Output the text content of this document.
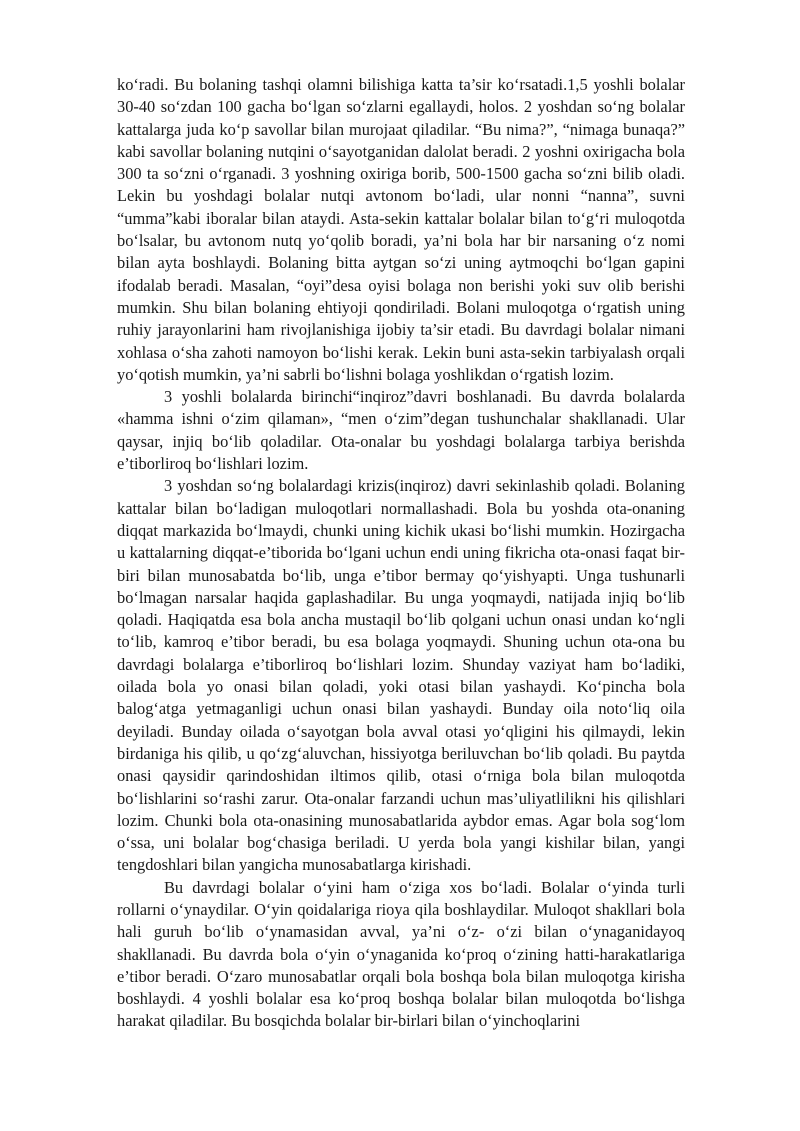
ko‘radi. Bu bolaning tashqi olamni bilishiga katta ta’sir ko‘rsatadi.1,5 yoshli bolalar 30-40 so‘zdan 100 gacha bo‘lgan so‘zlarni egallaydi, holos. 2 yoshdan so‘ng bolalar kattalarga juda ko‘p savollar bilan murojaat qiladilar. “Bu nima?”, “nimaga bunaqa?” kabi savollar bolaning nutqini o‘sayotganidan dalolat beradi. 2 yoshni oxirigacha bola 300 ta so‘zni o‘rganadi. 3 yoshning oxiriga borib, 500-1500 gacha so‘zni bilib oladi. Lekin bu yoshdagi bolalar nutqi avtonom bo‘ladi, ular nonni “nanna”, suvni “umma”kabi iboralar bilan ataydi. Asta-sekin kattalar bolalar bilan to‘g‘ri muloqotda bo‘lsalar, bu avtonom nutq yo‘qolib boradi, ya’ni bola har bir narsaning o‘z nomi bilan ayta boshlaydi. Bolaning bitta aytgan so‘zi uning aytmoqchi bo‘lgan gapini ifodalab beradi. Masalan, “oyi”desa oyisi bolaga non berishi yoki suv olib berishi mumkin. Shu bilan bolaning ehtiyoji qondiriladi. Bolani muloqotga o‘rgatish uning ruhiy jarayonlarini ham rivojlanishiga ijobiy ta’sir etadi. Bu davrdagi bolalar nimani xohlasa o‘sha zahoti namoyon bo‘lishi kerak. Lekin buni asta-sekin tarbiyalash orqali yo‘qotish mumkin, ya’ni sabrli bo‘lishni bolaga yoshlikdan o‘rgatish lozim.

3 yoshli bolalarda birinchi“inqiroz”davri boshlanadi. Bu davrda bolalarda «hamma ishni o‘zim qilaman», “men o‘zim”degan tushunchalar shakllanadi. Ular qaysar, injiq bo‘lib qoladilar. Ota-onalar bu yoshdagi bolalarga tarbiya berishda e’tiborliroq bo‘lishlari lozim.

3 yoshdan so‘ng bolalardagi krizis(inqiroz) davri sekinlashib qoladi. Bolaning kattalar bilan bo‘ladigan muloqotlari normallashadi. Bola bu yoshda ota-onaning diqqat markazida bo‘lmaydi, chunki uning kichik ukasi bo‘lishi mumkin. Hozirgacha u kattalarning diqqat-e’tiborida bo‘lgani uchun endi uning fikricha ota-onasi faqat bir-biri bilan munosabatda bo‘lib, unga e’tibor bermay qo‘yishyapti. Unga tushunarli bo‘lmagan narsalar haqida gaplashadilar. Bu unga yoqmaydi, natijada injiq bo‘lib qoladi. Haqiqatda esa bola ancha mustaqil bo‘lib qolgani uchun onasi undan ko‘ngli to‘lib, kamroq e’tibor beradi, bu esa bolaga yoqmaydi. Shuning uchun ota-ona bu davrdagi bolalarga e’tiborliroq bo‘lishlari lozim. Shunday vaziyat ham bo‘ladiki, oilada bola yo onasi bilan qoladi, yoki otasi bilan yashaydi. Ko‘pincha bola balog‘atga yetmaganligi uchun onasi bilan yashaydi. Bunday oila noto‘liq oila deyiladi. Bunday oilada o‘sayotgan bola avval otasi yo‘qligini his qilmaydi, lekin birdaniga his qilib, u qo‘zg‘aluvchan, hissiyotga beriluvchan bo‘lib qoladi. Bu paytda onasi qaysidir qarindoshidan iltimos qilib, otasi o‘rniga bola bilan muloqotda bo‘lishlarini so‘rashi zarur. Ota-onalar farzandi uchun mas’uliyatlilikni his qilishlari lozim. Chunki bola ota-onasining munosabatlarida aybdor emas. Agar bola sog‘lom o‘ssa, uni bolalar bog‘chasiga beriladi. U yerda bola yangi kishilar bilan, yangi tengdoshlari bilan yangicha munosabatlarga kirishadi.

Bu davrdagi bolalar o‘yini ham o‘ziga xos bo‘ladi. Bolalar o‘yinda turli rollarni o‘ynaydilar. O‘yin qoidalariga rioya qila boshlaydilar. Muloqot shakllari bola hali guruh bo‘lib o‘ynamasidan avval, ya’ni o‘z- o‘zi bilan o‘ynaganidayoq shakllanadi. Bu davrda bola o‘yin o‘ynaganida ko‘proq o‘zining hatti-harakatlariga e’tibor beradi. O‘zaro munosabatlar orqali bola boshqa bola bilan muloqotga kirisha boshlaydi. 4 yoshli bolalar esa ko‘proq boshqa bolalar bilan muloqotda bo‘lishga harakat qiladilar. Bu bosqichda bolalar bir-birlari bilan o‘yinchoqlarini
